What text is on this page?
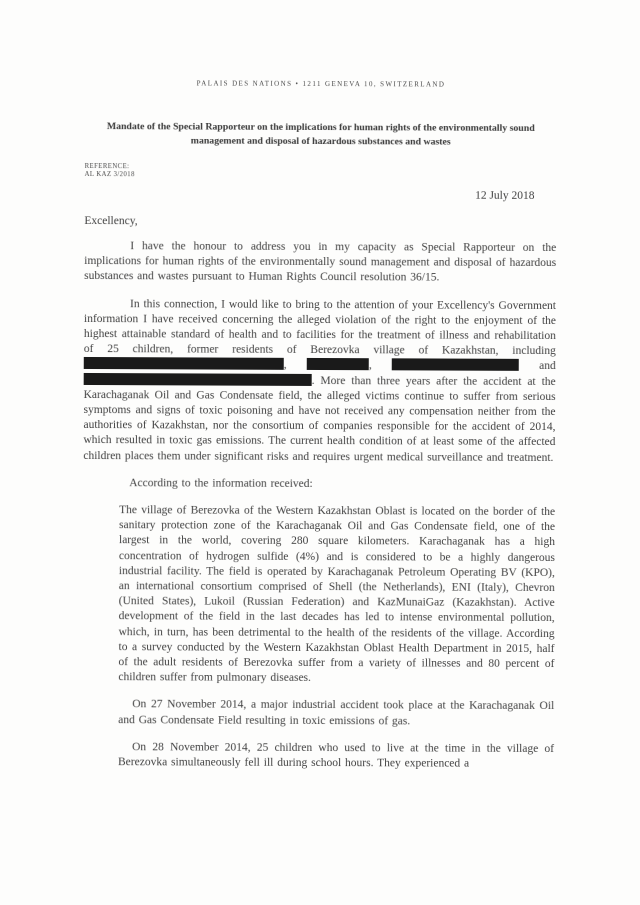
PALAIS DES NATIONS • 1211 GENEVA 10, SWITZERLAND
Mandate of the Special Rapporteur on the implications for human rights of the environmentally sound management and disposal of hazardous substances and wastes
REFERENCE:
AL KAZ 3/2018
12 July 2018
Excellency,

I have the honour to address you in my capacity as Special Rapporteur on the implications for human rights of the environmentally sound management and disposal of hazardous substances and wastes pursuant to Human Rights Council resolution 36/15.

In this connection, I would like to bring to the attention of your Excellency's Government information I have received concerning the alleged violation of the right to the enjoyment of the highest attainable standard of health and to facilities for the treatment of illness and rehabilitation of 25 children, former residents of Berezovka village of Kazakhstan, including ,	,	and . More than three years after the accident at the Karachaganak Oil and Gas Condensate field, the alleged victims continue to suffer from serious symptoms and signs of toxic poisoning and have not received any compensation neither from the authorities of Kazakhstan, nor the consortium of companies responsible for the accident of 2014, which resulted in toxic gas emissions. The current health condition of at least some of the affected children places them under significant risks and requires urgent medical surveillance and treatment.

According to the information received:

The village of Berezovka of the Western Kazakhstan Oblast is located on the border of the sanitary protection zone of the Karachaganak Oil and Gas Condensate field, one of the largest in the world, covering 280 square kilometers. Karachaganak has a high concentration of hydrogen sulfide (4%) and is considered to be a highly dangerous industrial facility. The field is operated by Karachaganak Petroleum Operating BV (KPO), an international consortium comprised of Shell (the Netherlands), ENI (Italy), Chevron (United States), Lukoil (Russian Federation) and KazMunaiGaz (Kazakhstan). Active development of the field in the last decades has led to intense environmental pollution, which, in turn, has been detrimental to the health of the residents of the village. According to a survey conducted by the Western Kazakhstan Oblast Health Department in 2015, half of the adult residents of Berezovka suffer from a variety of illnesses and 80 percent of children suffer from pulmonary diseases.

On 27 November 2014, a major industrial accident took place at the Karachaganak Oil and Gas Condensate Field resulting in toxic emissions of gas.

On 28 November 2014, 25 children who used to live at the time in the village of Berezovka simultaneously fell ill during school hours. They experienced a
